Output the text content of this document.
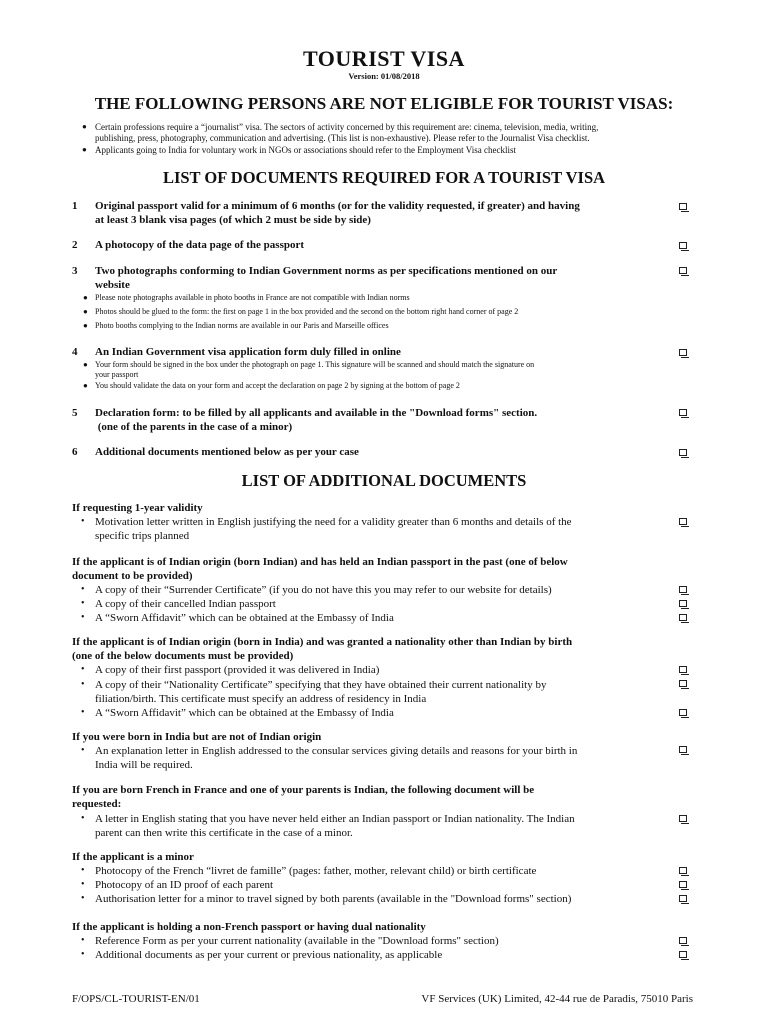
TOURIST VISA
Version: 01/08/2018
THE FOLLOWING PERSONS ARE NOT ELIGIBLE FOR TOURIST VISAS:
● Certain professions require a “journalist” visa. The sectors of activity concerned by this requirement are: cinema, television, media, writing,
publishing, press, photography, communication and advertising. (This list is non-exhaustive). Please refer to the Journalist Visa checklist.
● Applicants going to India for voluntary work in NGOs or associations should refer to the Employment Visa checklist
LIST OF DOCUMENTS REQUIRED FOR A TOURIST VISA
1 Original passport valid for a minimum of 6 months (or for the validity requested, if greater) and having
at least 3 blank visa pages (of which 2 must be side by side)
2 A photocopy of the data page of the passport
3 Two photographs conforming to Indian Government norms as per specifications mentioned on our
website
● Please note photographs available in photo booths in France are not compatible with Indian norms
● Photos should be glued to the form: the first on page 1 in the box provided and the second on the bottom right hand corner of page 2
● Photo booths complying to the Indian norms are available in our Paris and Marseille offices
4 An Indian Government visa application form duly filled in online
● Your form should be signed in the box under the photograph on page 1. This signature will be scanned and should match the signature on
your passport
● You should validate the data on your form and accept the declaration on page 2 by signing at the bottom of page 2
5 Declaration form: to be filled by all applicants and available in the "Download forms" section.
(one of the parents in the case of a minor)
6 Additional documents mentioned below as per your case
LIST OF ADDITIONAL DOCUMENTS
If requesting 1-year validity
• Motivation letter written in English justifying the need for a validity greater than 6 months and details of the
specific trips planned
If the applicant is of Indian origin (born Indian) and has held an Indian passport in the past (one of below
document to be provided)
• A copy of their “Surrender Certificate” (if you do not have this you may refer to our website for details)
• A copy of their cancelled Indian passport
• A “Sworn Affidavit” which can be obtained at the Embassy of India
If the applicant is of Indian origin (born in India) and was granted a nationality other than Indian by birth
(one of the below documents must be provided)
• A copy of their first passport (provided it was delivered in India)
• A copy of their “Nationality Certificate” specifying that they have obtained their current nationality by
filiation/birth. This certificate must specify an address of residency in India
• A “Sworn Affidavit” which can be obtained at the Embassy of India
If you were born in India but are not of Indian origin
• An explanation letter in English addressed to the consular services giving details and reasons for your birth in
India will be required.
If you are born French in France and one of your parents is Indian, the following document will be
requested:
• A letter in English stating that you have never held either an Indian passport or Indian nationality. The Indian
parent can then write this certificate in the case of a minor.
If the applicant is a minor
• Photocopy of the French “livret de famille” (pages: father, mother, relevant child) or birth certificate
• Photocopy of an ID proof of each parent
• Authorisation letter for a minor to travel signed by both parents (available in the "Download forms" section)
If the applicant is holding a non-French passport or having dual nationality
• Reference Form as per your current nationality (available in the "Download forms" section)
• Additional documents as per your current or previous nationality, as applicable
F/OPS/CL-TOURIST-EN/01	VF Services (UK) Limited, 42-44 rue de Paradis, 75010 Paris
